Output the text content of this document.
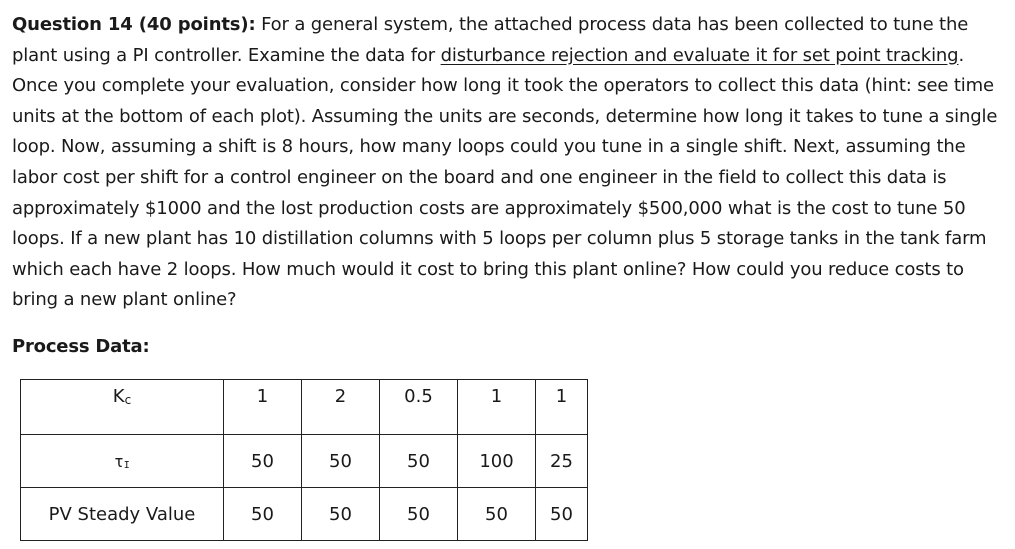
Question 14 (40 points): For a general system, the attached process data has been collected to tune the plant using a PI controller. Examine the data for disturbance rejection and evaluate it for set point tracking. Once you complete your evaluation, consider how long it took the operators to collect this data (hint: see time units at the bottom of each plot). Assuming the units are seconds, determine how long it takes to tune a single loop. Now, assuming a shift is 8 hours, how many loops could you tune in a single shift. Next, assuming the labor cost per shift for a control engineer on the board and one engineer in the field to collect this data is approximately $1000 and the lost production costs are approximately $500,000 what is the cost to tune 50 loops. If a new plant has 10 distillation columns with 5 loops per column plus 5 storage tanks in the tank farm which each have 2 loops. How much would it cost to bring this plant online? How could you reduce costs to bring a new plant online?
Process Data:
Kc	1	2	0.5	1	1
τI	50	50	50	100	25
PV Steady Value	50	50	50	50	50
